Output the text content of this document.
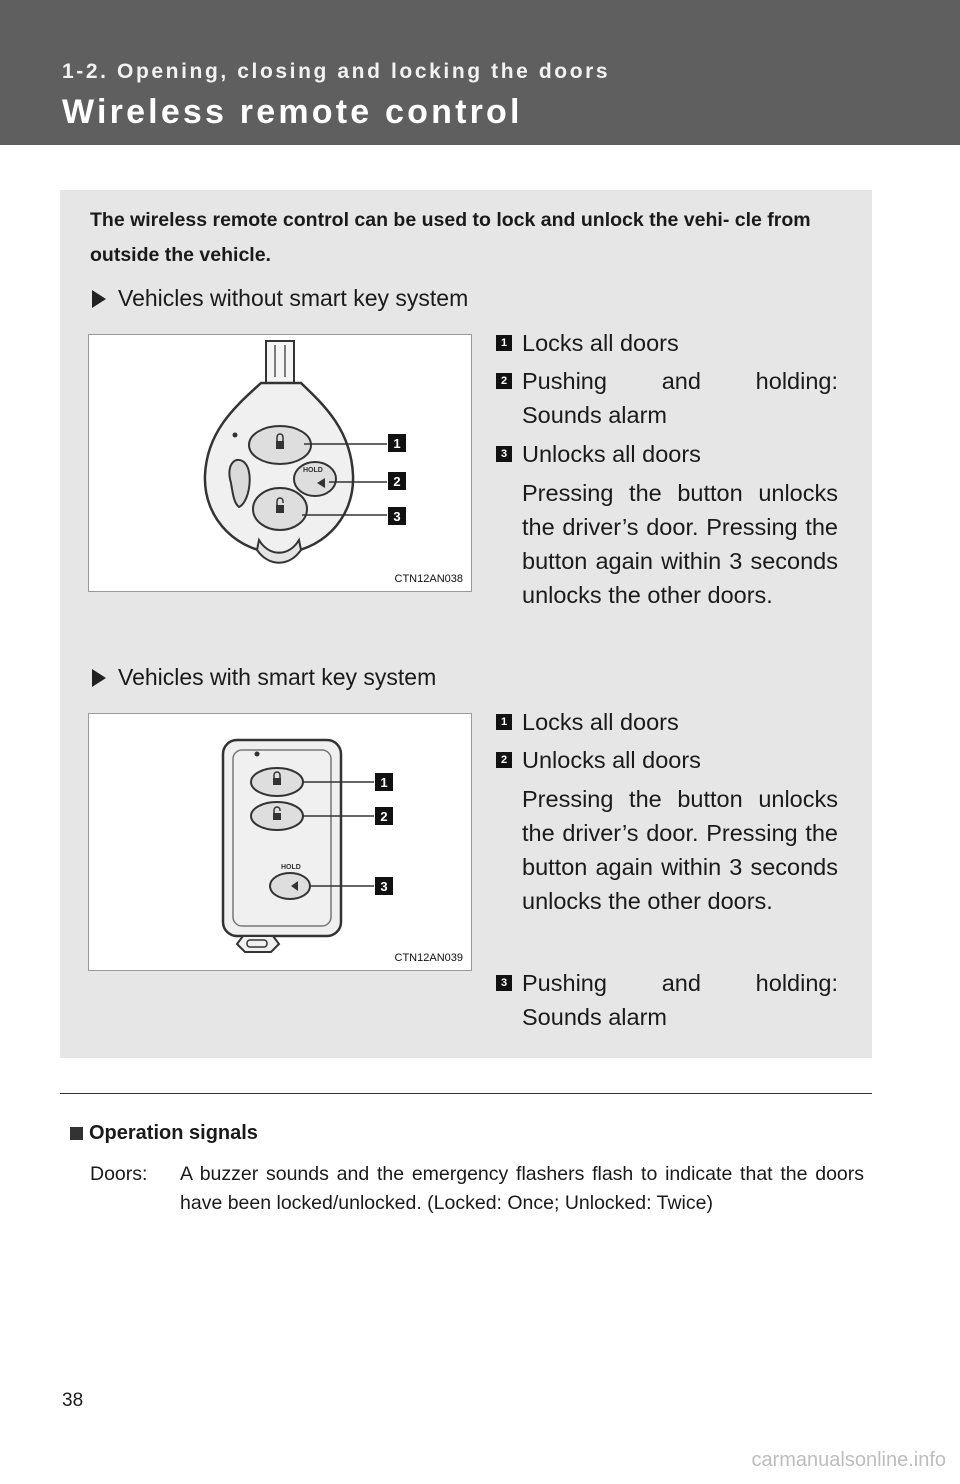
1-2. Opening, closing and locking the doors
Wireless remote control
The wireless remote control can be used to lock and unlock the vehi- cle from outside the vehicle.
Vehicles without smart key system
HOLD
1
2
3
CTN12AN038
1 Locks all doors
2 Pushing and holding:
Sounds alarm
3 Unlocks all doors
Pressing the button unlocks the driver’s door. Pressing the button again within 3 seconds unlocks the other doors.
Vehicles with smart key system
HOLD
1
2
3
CTN12AN039
1 Locks all doors
2 Unlocks all doors
Pressing the button unlocks the driver’s door. Pressing the button again within 3 seconds unlocks the other doors.
3 Pushing and holding:
Sounds alarm
Operation signals
Doors: A buzzer sounds and the emergency flashers flash to indicate that the doors have been locked/unlocked. (Locked: Once; Unlocked: Twice)
38
carmanualsonline.info
